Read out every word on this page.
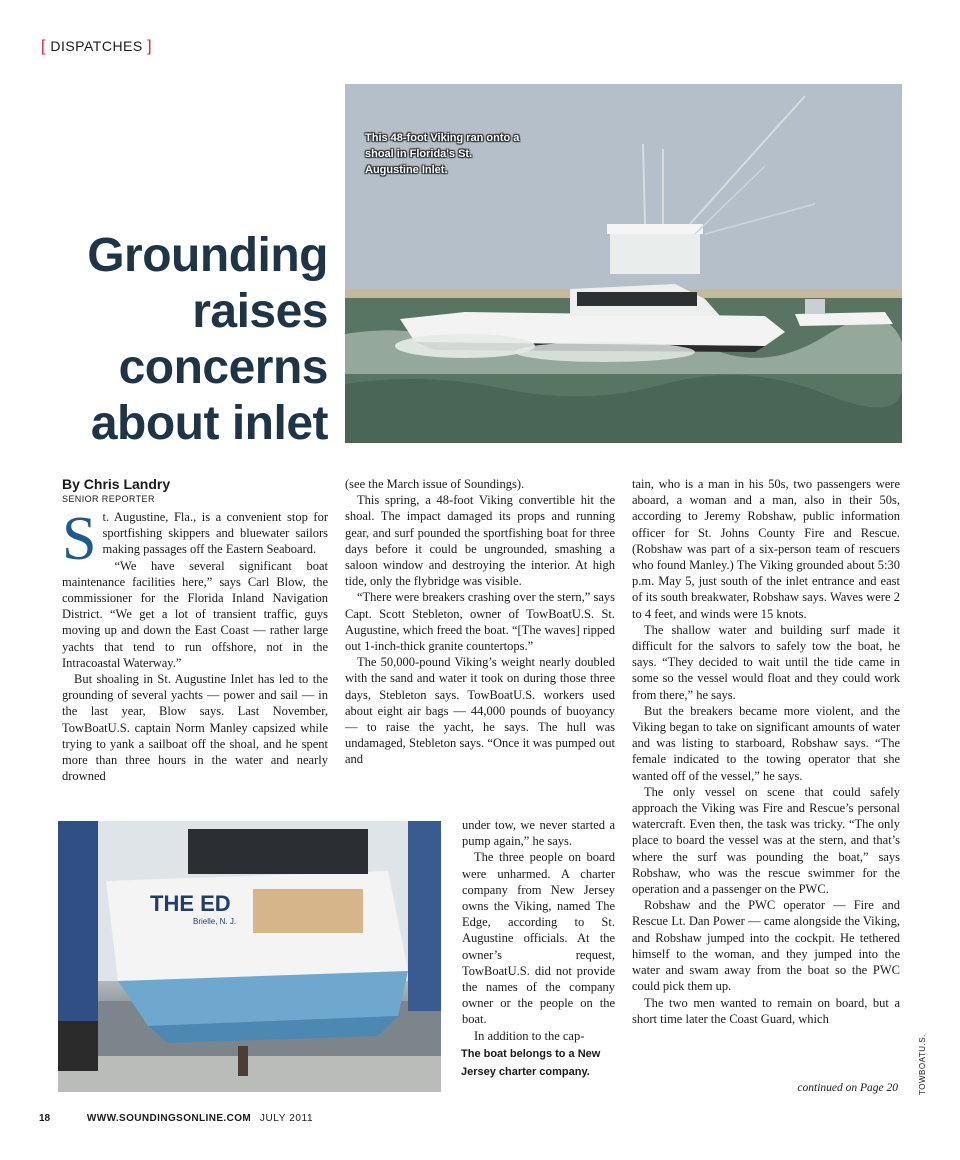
[ DISPATCHES ]
Grounding
raises
concerns
about inlet
This 48-foot Viking ran onto a shoal in Florida's St. Augustine Inlet.
By Chris Landry
SENIOR REPORTER

St. Augustine, Fla., is a convenient stop for sportfishing skippers and bluewater sailors making passages off the Eastern Seaboard.

“We have several significant boat maintenance facilities here,” says Carl Blow, the commissioner for the Florida Inland Navigation District. “We get a lot of transient traffic, guys moving up and down the East Coast — rather large yachts that tend to run offshore, not in the Intracoastal Waterway.”

But shoaling in St. Augustine Inlet has led to the grounding of several yachts — power and sail — in the last year, Blow says. Last November, TowBoatU.S. captain Norm Manley capsized while trying to yank a sailboat off the shoal, and he spent more than three hours in the water and nearly drowned

(see the March issue of Soundings).

This spring, a 48-foot Viking convertible hit the shoal. The impact damaged its props and running gear, and surf pounded the sportfishing boat for three days before it could be ungrounded, smashing a saloon window and destroying the interior. At high tide, only the flybridge was visible.

“There were breakers crashing over the stern,” says Capt. Scott Stebleton, owner of TowBoatU.S. St. Augustine, which freed the boat. “[The waves] ripped out 1-inch-thick granite countertops.”

The 50,000-pound Viking’s weight nearly doubled with the sand and water it took on during those three days, Stebleton says. TowBoatU.S. workers used about eight air bags — 44,000 pounds of buoyancy — to raise the yacht, he says. The hull was undamaged, Stebleton says. “Once it was pumped out and

under tow, we never started a pump again,” he says.

The three people on board were unharmed. A charter company from New Jersey owns the Viking, named The Edge, according to St. Augustine officials. At the owner’s request, TowBoatU.S. did not provide the names of the company owner or the people on the boat.

In addition to the cap-

tain, who is a man in his 50s, two passengers were aboard, a woman and a man, also in their 50s, according to Jeremy Robshaw, public information officer for St. Johns County Fire and Rescue. (Robshaw was part of a six-person team of rescuers who found Manley.) The Viking grounded about 5:30 p.m. May 5, just south of the inlet entrance and east of its south breakwater, Robshaw says. Waves were 2 to 4 feet, and winds were 15 knots.

The shallow water and building surf made it difficult for the salvors to safely tow the boat, he says. “They decided to wait until the tide came in some so the vessel would float and they could work from there,” he says.

But the breakers became more violent, and the Viking began to take on significant amounts of water and was listing to starboard, Robshaw says. “The female indicated to the towing operator that she wanted off of the vessel,” he says.

The only vessel on scene that could safely approach the Viking was Fire and Rescue’s personal watercraft. Even then, the task was tricky. “The only place to board the vessel was at the stern, and that’s where the surf was pounding the boat,” says Robshaw, who was the rescue swimmer for the operation and a passenger on the PWC.

Robshaw and the PWC operator — Fire and Rescue Lt. Dan Power — came alongside the Viking, and Robshaw jumped into the cockpit. He tethered himself to the woman, and they jumped into the water and swam away from the boat so the PWC could pick them up.

The two men wanted to remain on board, but a short time later the Coast Guard, which

continued on Page 20
THE ED
Brielle, N. J.
The boat belongs to a New Jersey charter company.	TOWBOATU.S.
18	WWW.SOUNDINGSONLINE.COM JULY 2011
